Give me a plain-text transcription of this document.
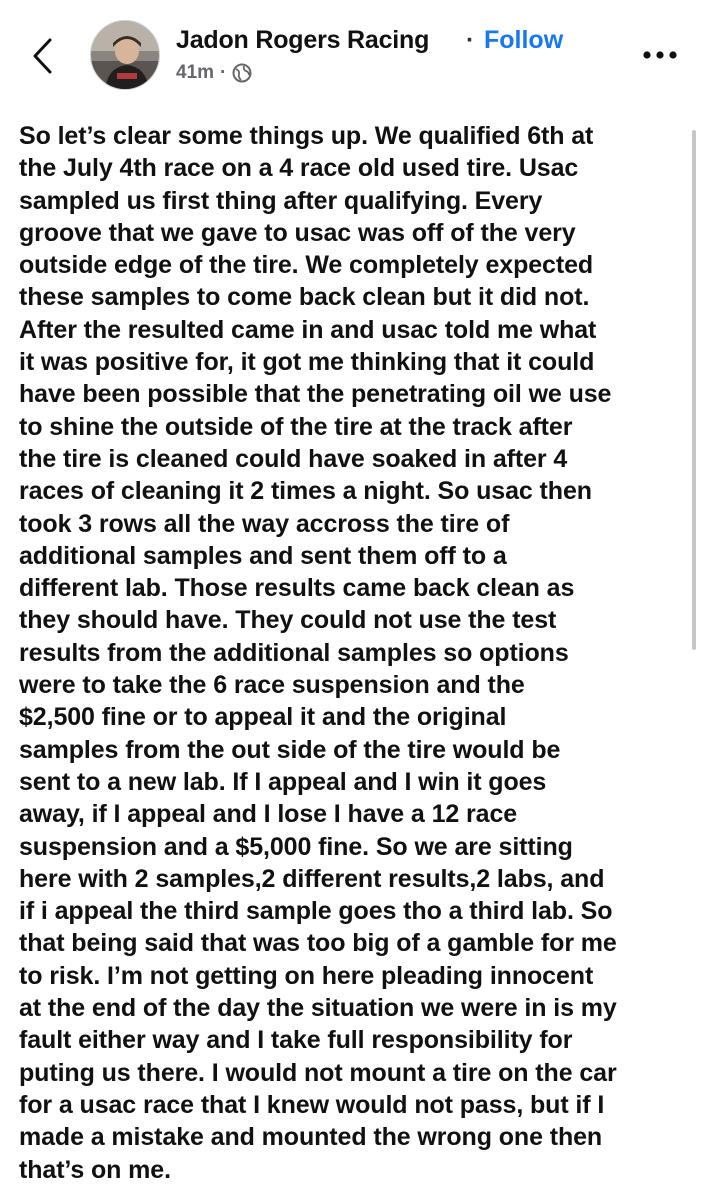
Jadon Rogers Racing · Follow
41m ·
So let’s clear some things up. We qualified 6th at
the July 4th race on a 4 race old used tire. Usac
sampled us first thing after qualifying. Every
groove that we gave to usac was off of the very
outside edge of the tire. We completely expected
these samples to come back clean but it did not.
After the resulted came in and usac told me what
it was positive for, it got me thinking that it could
have been possible that the penetrating oil we use
to shine the outside of the tire at the track after
the tire is cleaned could have soaked in after 4
races of cleaning it 2 times a night. So usac then
took 3 rows all the way accross the tire of
additional samples and sent them off to a
different lab. Those results came back clean as
they should have. They could not use the test
results from the additional samples so options
were to take the 6 race suspension and the
$2,500 fine or to appeal it and the original
samples from the out side of the tire would be
sent to a new lab. If I appeal and I win it goes
away, if I appeal and I lose I have a 12 race
suspension and a $5,000 fine. So we are sitting
here with 2 samples,2 different results,2 labs, and
if i appeal the third sample goes tho a third lab. So
that being said that was too big of a gamble for me
to risk. I’m not getting on here pleading innocent
at the end of the day the situation we were in is my
fault either way and I take full responsibility for
puting us there. I would not mount a tire on the car
for a usac race that I knew would not pass, but if I
made a mistake and mounted the wrong one then
that’s on me.
